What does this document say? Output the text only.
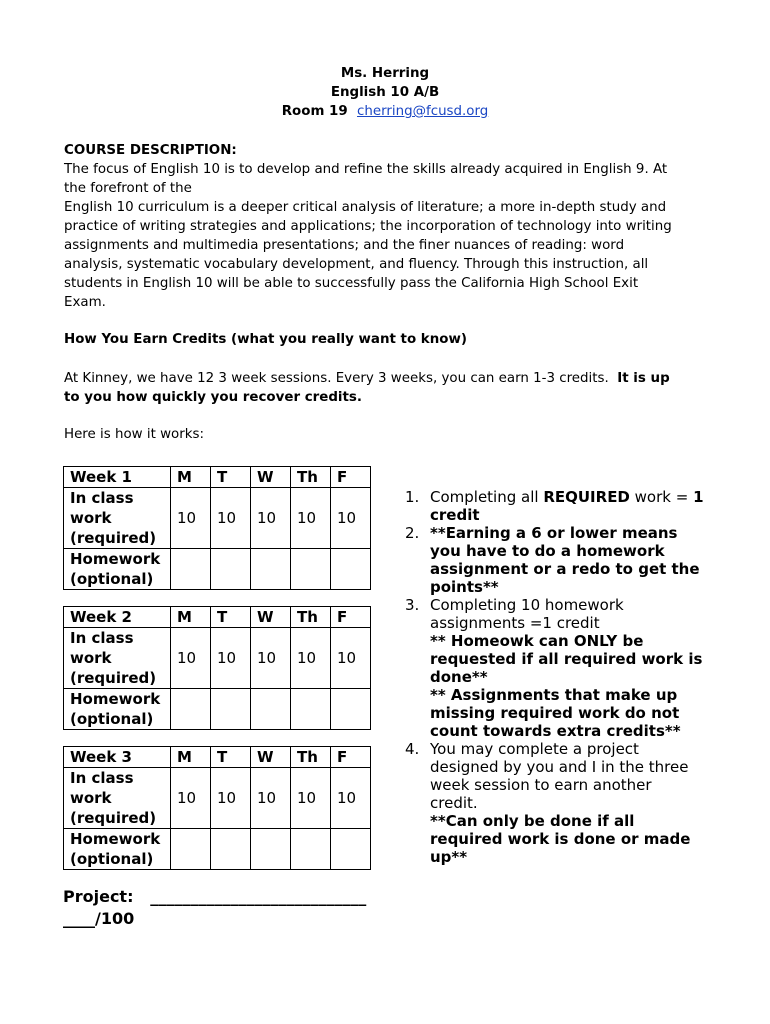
Ms. Herring
English 10 A/B
Room 19 cherring@fcusd.org
COURSE DESCRIPTION:
The focus of English 10 is to develop and refine the skills already acquired in English 9. At
the forefront of the
English 10 curriculum is a deeper critical analysis of literature; a more in-depth study and
practice of writing strategies and applications; the incorporation of technology into writing
assignments and multimedia presentations; and the finer nuances of reading: word
analysis, systematic vocabulary development, and fluency. Through this instruction, all
students in English 10 will be able to successfully pass the California High School Exit
Exam.
How You Earn Credits (what you really want to know)
At Kinney, we have 12 3 week sessions. Every 3 weeks, you can earn 1-3 credits. It is up
to you how quickly you recover credits.
Here is how it works:
Week 1	M	T	W	Th	F

In class
work
(required)	10	10	10	10	10

Homework
(optional)					

Week 2	M	T	W	Th	F

In class
work
(required)	10	10	10	10	10

Homework
(optional)					

Week 3	M	T	W	Th	F

In class
work
(required)	10	10	10	10	10

Homework
(optional)					

1. Completing all REQUIRED work = 1
credit
2. **Earning a 6 or lower means
you have to do a homework
assignment or a redo to get the
points**
3. Completing 10 homework
assignments =1 credit
** Homeowk can ONLY be
requested if all required work is
done**
** Assignments that make up
missing required work do not
count towards extra credits**
4. You may complete a project
designed by you and I in the three
week session to earn another
credit.
**Can only be done if all
required work is done or made
up**
Project: ___________________________
____/100
